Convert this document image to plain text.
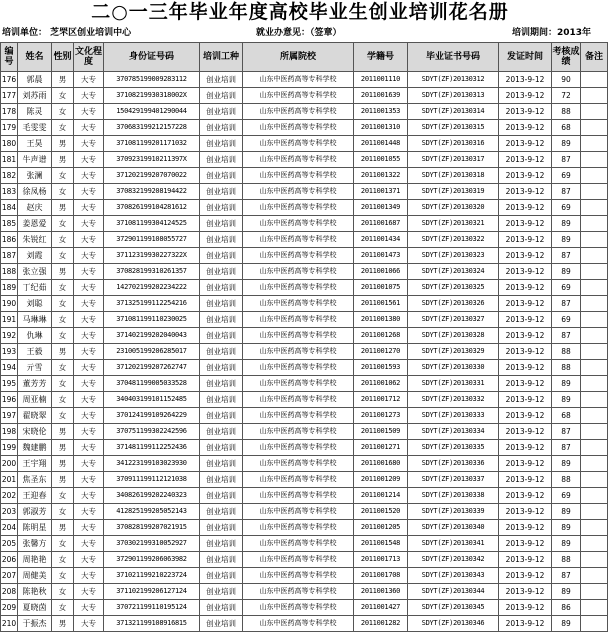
二○一三年毕业年度高校毕业生创业培训花名册
培训单位： 芝罘区创业培训中心	就业办意见：（签章）	培训期间：2013年
编号	姓名	性别	文化程度	身份证号码	培训工种	所属院校	学籍号	毕业证书号码	发证时间	考核成绩	备注
176	郭晨	男	大专	370785199009283112	创业培训	山东中医药高等专科学校	2011001110	SDYT(ZF)20130312	2013-9-12	90	
177	刘苏雨	女	大专	37108219930318002X	创业培训	山东中医药高等专科学校	2011001639	SDYT(ZF)20130313	2013-9-12	72	
178	陈灵	女	大专	150429199401290044	创业培训	山东中医药高等专科学校	2011001353	SDYT(ZF)20130314	2013-9-12	88	
179	毛雯雯	女	大专	370683199212157228	创业培训	山东中医药高等专科学校	2011001310	SDYT(ZF)20130315	2013-9-12	68	
180	王昊	男	大专	371081199201171032	创业培训	山东中医药高等专科学校	2011001448	SDYT(ZF)20130316	2013-9-12	89	
181	牛声谱	男	大专	37092319910211397X	创业培训	山东中医药高等专科学校	2011001055	SDYT(ZF)20130317	2013-9-12	87	
182	张澜	女	大专	371202199207070022	创业培训	山东中医药高等专科学校	2011001322	SDYT(ZF)20130318	2013-9-12	69	
183	徐凤杨	女	大专	370832199208194422	创业培训	山东中医药高等专科学校	2011001371	SDYT(ZF)20130319	2013-9-12	87	
184	赵庆	男	大专	370826199104281612	创业培训	山东中医药高等专科学校	2011001349	SDYT(ZF)20130320	2013-9-12	69	
185	姜恩爱	女	大专	371081199304124525	创业培训	山东中医药高等专科学校	2011001687	SDYT(ZF)20130321	2013-9-12	89	
186	朱锐红	女	大专	372901199108055727	创业培训	山东中医药高等专科学校	2011001434	SDYT(ZF)20130322	2013-9-12	89	
187	刘霞	女	大专	37112319930227322X	创业培训	山东中医药高等专科学校	2011001473	SDYT(ZF)20130323	2013-9-12	87	
188	张立强	男	大专	370828199310261357	创业培训	山东中医药高等专科学校	2011001066	SDYT(ZF)20130324	2013-9-12	89	
189	丁纪茹	女	大专	142702199202234222	创业培训	山东中医药高等专科学校	2011001075	SDYT(ZF)20130325	2013-9-12	69	
190	刘聪	女	大专	371325199112254216	创业培训	山东中医药高等专科学校	2011001561	SDYT(ZF)20130326	2013-9-12	87	
191	马琳琳	女	大专	371081199110230025	创业培训	山东中医药高等专科学校	2011001380	SDYT(ZF)20130327	2013-9-12	69	
192	仇琳	女	大专	371402199202040043	创业培训	山东中医药高等专科学校	2011001268	SDYT(ZF)20130328	2013-9-12	87	
193	王毅	男	大专	231005199206285017	创业培训	山东中医药高等专科学校	2011001270	SDYT(ZF)20130329	2013-9-12	88	
194	亓雪	女	大专	371202199207262747	创业培训	山东中医药高等专科学校	2011001593	SDYT(ZF)20130330	2013-9-12	88	
195	董芳芳	女	大专	370481199005033528	创业培训	山东中医药高等专科学校	2011001062	SDYT(ZF)20130331	2013-9-12	89	
196	周亚楠	女	大专	340403199101152485	创业培训	山东中医药高等专科学校	2011001712	SDYT(ZF)20130332	2013-9-12	89	
197	翟晓翠	女	大专	370124199109264229	创业培训	山东中医药高等专科学校	2011001273	SDYT(ZF)20130333	2013-9-12	68	
198	宋晓伦	男	大专	370751199302242596	创业培训	山东中医药高等专科学校	2011001509	SDYT(ZF)20130334	2013-9-12	87	
199	魏建鹏	男	大专	371481199112252436	创业培训	山东中医药高等专科学校	2011001271	SDYT(ZF)20130335	2013-9-12	87	
200	王宇翔	男	大专	341223199103023930	创业培训	山东中医药高等专科学校	2011001680	SDYT(ZF)20130336	2013-9-12	89	
201	焦圣东	男	大专	370911199112121038	创业培训	山东中医药高等专科学校	2011001209	SDYT(ZF)20130337	2013-9-12	88	
202	王迎春	女	大专	340826199202240323	创业培训	山东中医药高等专科学校	2011001214	SDYT(ZF)20130338	2013-9-12	69	
203	郭淑芳	女	大专	412825199205052143	创业培训	山东中医药高等专科学校	2011001520	SDYT(ZF)20130339	2013-9-12	89	
204	陈明星	男	大专	370828199207021915	创业培训	山东中医药高等专科学校	2011001205	SDYT(ZF)20130340	2013-9-12	89	
205	张馨方	女	大专	370302199310052927	创业培训	山东中医药高等专科学校	2011001548	SDYT(ZF)20130341	2013-9-12	89	
206	周艳艳	女	大专	372901199206063982	创业培训	山东中医药高等专科学校	2011001713	SDYT(ZF)20130342	2013-9-12	88	
207	周健美	女	大专	371021199210223724	创业培训	山东中医药高等专科学校	2011001708	SDYT(ZF)20130343	2013-9-12	87	
208	陈艳秋	女	大专	371102199206127124	创业培训	山东中医药高等专科学校	2011001360	SDYT(ZF)20130344	2013-9-12	89	
209	夏晓茵	女	大专	370721199110195124	创业培训	山东中医药高等专科学校	2011001427	SDYT(ZF)20130345	2013-9-12	86	
210	于振杰	男	大专	371321199108916815	创业培训	山东中医药高等专科学校	2011001282	SDYT(ZF)20130346	2013-9-12	89	
